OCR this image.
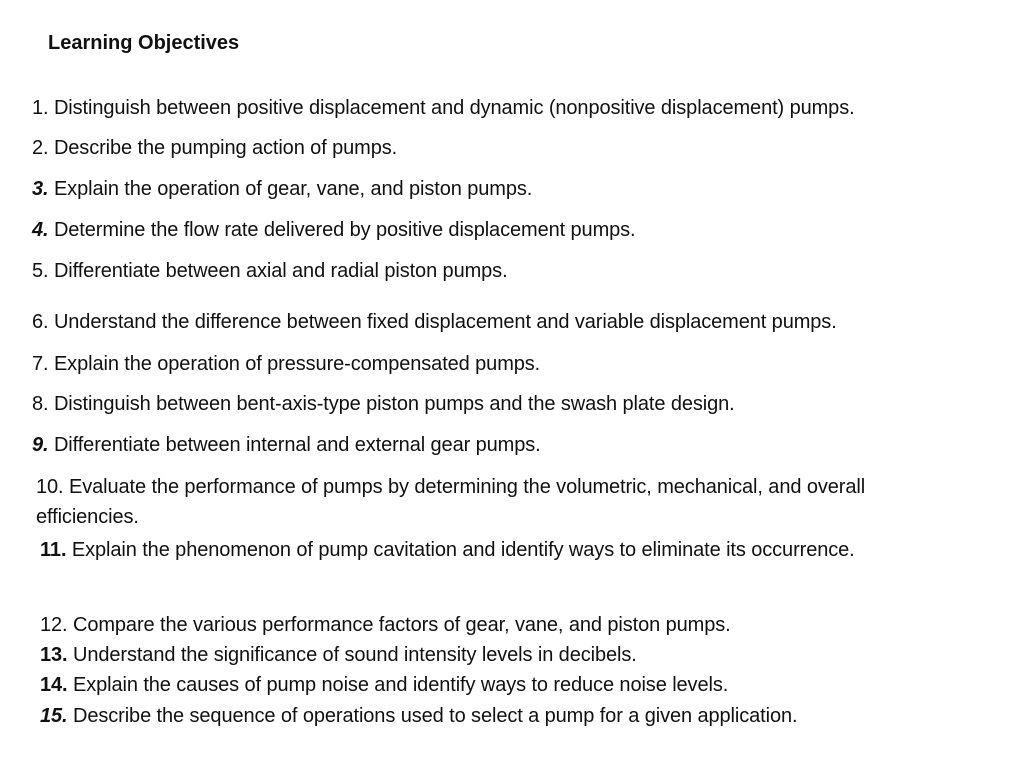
Learning Objectives
1. Distinguish between positive displacement and dynamic (nonpositive displacement) pumps.
2. Describe the pumping action of pumps.
3. Explain the operation of gear, vane, and piston pumps.
4. Determine the flow rate delivered by positive displacement pumps.
5. Differentiate between axial and radial piston pumps.
6. Understand the difference between fixed displacement and variable displacement pumps.
7. Explain the operation of pressure-compensated pumps.
8. Distinguish between bent-axis-type piston pumps and the swash plate design.
9. Differentiate between internal and external gear pumps.
10. Evaluate the performance of pumps by determining the volumetric, mechanical, and overall efficiencies.
11. Explain the phenomenon of pump cavitation and identify ways to eliminate its occurrence.
12. Compare the various performance factors of gear, vane, and piston pumps.
13. Understand the significance of sound intensity levels in decibels.
14. Explain the causes of pump noise and identify ways to reduce noise levels.
15. Describe the sequence of operations used to select a pump for a given application.
